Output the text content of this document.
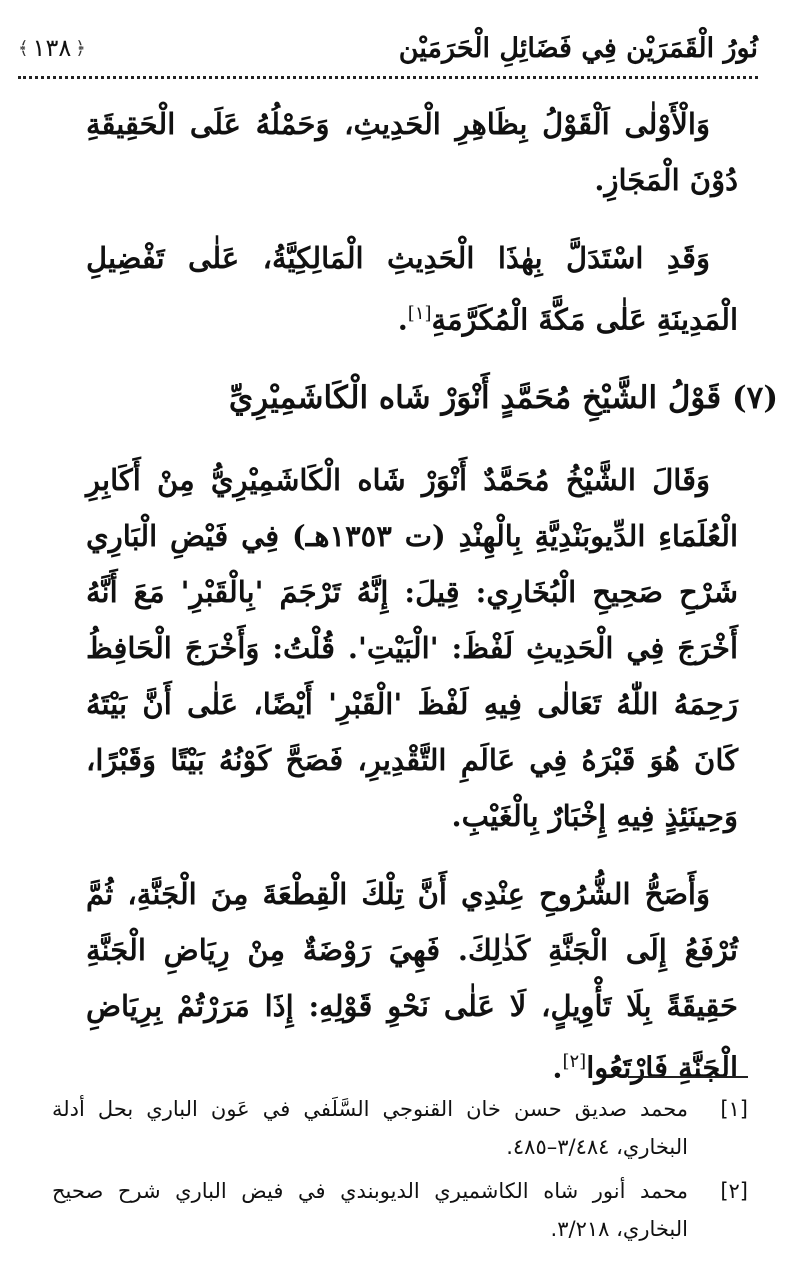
نُورُ الْقَمَرَيْن فِي فَضَائِلِ الْحَرَمَيْن
﴿
١٣٨
﴾

وَالْأَوْلٰى اَلْقَوْلُ بِظَاهِرِ الْحَدِيثِ، وَحَمْلُهُ عَلَى الْحَقِيقَةِ دُوْنَ الْمَجَازِ.

وَقَدِ اسْتَدَلَّ بِهٰذَا الْحَدِيثِ الْمَالِكِيَّةُ، عَلٰى تَفْضِيلِ الْمَدِينَةِ عَلٰى مَكَّةَ الْمُكَرَّمَةِ[١].

(٧) قَوْلُ الشَّيْخِ مُحَمَّدٍ أَنْوَرْ شَاه الْكَاشَمِيْرِيِّ

وَقَالَ الشَّيْخُ مُحَمَّدٌ أَنْوَرْ شَاه الْكَاشَمِيْرِيُّ مِنْ أَكَابِرِ الْعُلَمَاءِ الدِّيوبَنْدِيَّةِ بِالْهِنْدِ (ت ١٣٥٣هـ) فِي فَيْضِ الْبَارِي شَرْحِ صَحِيحِ الْبُخَارِي: قِيلَ: إِنَّهُ تَرْجَمَ 'بِالْقَبْرِ' مَعَ أَنَّهُ أَخْرَجَ فِي الْحَدِيثِ لَفْظَ: 'الْبَيْتِ'. قُلْتُ: وَأَخْرَجَ الْحَافِظُ رَحِمَهُ اللّٰهُ تَعَالٰى فِيهِ لَفْظَ 'الْقَبْرِ' أَيْضًا، عَلٰى أَنَّ بَيْتَهُ كَانَ هُوَ قَبْرَهُ فِي عَالَمِ التَّقْدِيرِ، فَصَحَّ كَوْنُهُ بَيْتًا وَقَبْرًا، وَحِينَئِذٍ فِيهِ إِخْبَارٌ بِالْغَيْبِ.

وَأَصَحُّ الشُّرُوحِ عِنْدِي أَنَّ تِلْكَ الْقِطْعَةَ مِنَ الْجَنَّةِ، ثُمَّ تُرْفَعُ إِلَى الْجَنَّةِ كَذٰلِكَ. فَهِيَ رَوْضَةٌ مِنْ رِيَاضِ الْجَنَّةِ حَقِيقَةً بِلَا تَأْوِيلٍ، لَا عَلٰى نَحْوِ قَوْلِهِ: إِذَا مَرَرْتُمْ بِرِيَاضِ الْجَنَّةِ فَارْتَعُوا[٢].

[١]
محمد صديق حسن خان القنوجي السَّلَفي في عَون الباري بحل أدلة البخاري، ٣/٤٨٤–٤٨٥.
[٢]
محمد أنور شاه الكاشميري الديوبندي في فيض الباري شرح صحيح البخاري، ٣/٢١٨.
